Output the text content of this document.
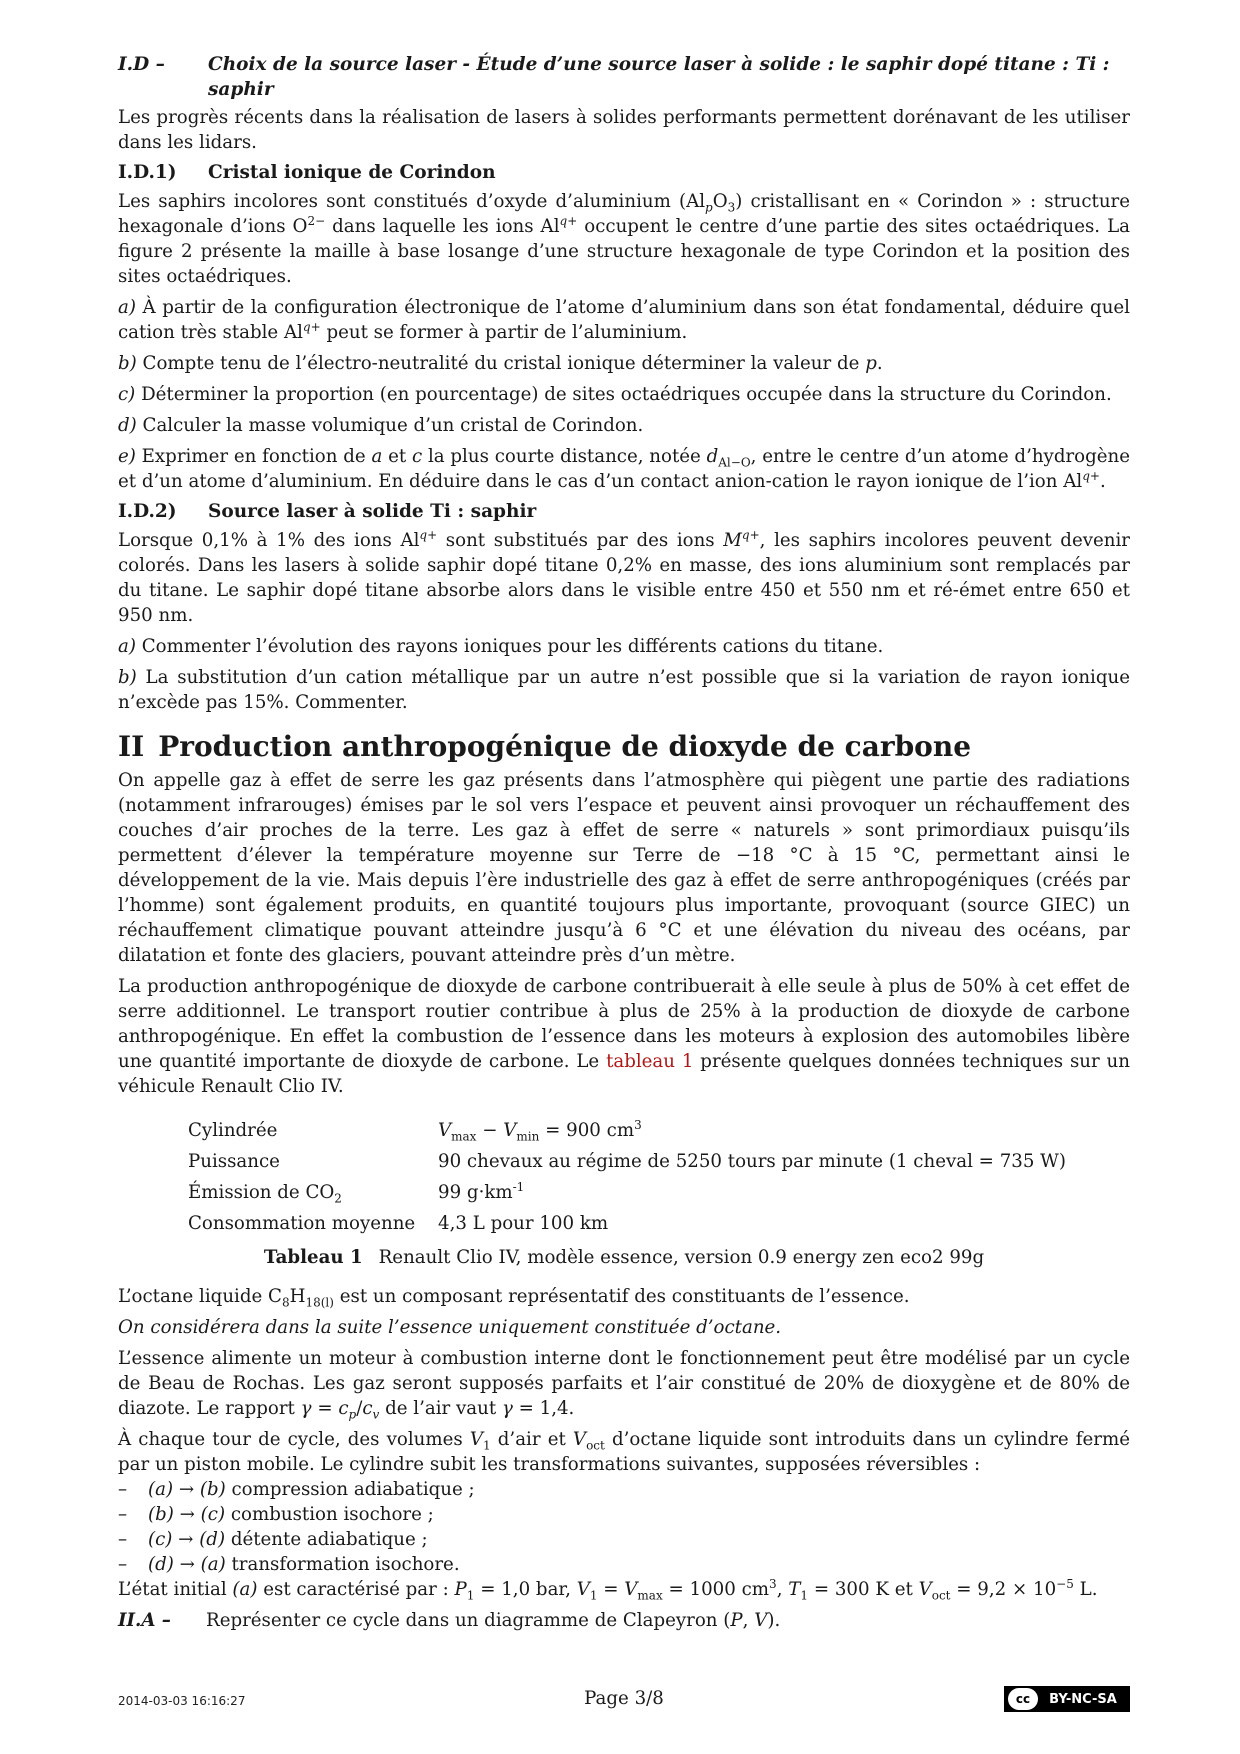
I.D –	Choix de la source laser - Étude d’une source laser à solide : le saphir dopé titane : Ti : saphir

Les progrès récents dans la réalisation de lasers à solides performants permettent dorénavant de les utiliser dans les lidars.

I.D.1)	Cristal ionique de Corindon

Les saphirs incolores sont constitués d’oxyde d’aluminium $(Al_pO_3)$ cristallisant en « Corindon » : structure hexagonale d’ions $O^{2-}$ dans laquelle les ions $Al^{q+}$ occupent le centre d’une partie des sites octaédriques. La figure 2 présente la maille à base losange d’une structure hexagonale de type Corindon et la position des sites octaédriques.

a) À partir de la configuration électronique de l’atome d’aluminium dans son état fondamental, déduire quel cation très stable $Al^{q+}$ peut se former à partir de l’aluminium.

b) Compte tenu de l’électro-neutralité du cristal ionique déterminer la valeur de p.

c) Déterminer la proportion (en pourcentage) de sites octaédriques occupée dans la structure du Corindon.

d) Calculer la masse volumique d’un cristal de Corindon.

e) Exprimer en fonction de a et c la plus courte distance, notée $d_{Al-O}$, entre le centre d’un atome d’hydrogène et d’un atome d’aluminium. En déduire dans le cas d’un contact anion-cation le rayon ionique de l’ion $Al^{q+}$.

I.D.2)	Source laser à solide Ti : saphir

Lorsque 0,1% à 1% des ions $Al^{q+}$ sont substitués par des ions $M^{q+}$, les saphirs incolores peuvent devenir colorés. Dans les lasers à solide saphir dopé titane 0,2% en masse, des ions aluminium sont remplacés par du titane. Le saphir dopé titane absorbe alors dans le visible entre 450 et 550 nm et ré-émet entre 650 et 950 nm.

a) Commenter l’évolution des rayons ioniques pour les différents cations du titane.

b) La substitution d’un cation métallique par un autre n’est possible que si la variation de rayon ionique n’excède pas 15%. Commenter.

II Production anthropogénique de dioxyde de carbone

On appelle gaz à effet de serre les gaz présents dans l’atmosphère qui piègent une partie des radiations (notamment infrarouges) émises par le sol vers l’espace et peuvent ainsi provoquer un réchauffement des couches d’air proches de la terre. Les gaz à effet de serre « naturels » sont primordiaux puisqu’ils permettent d’élever la température moyenne sur Terre de −18 °C à 15 °C, permettant ainsi le développement de la vie. Mais depuis l’ère industrielle des gaz à effet de serre anthropogéniques (créés par l’homme) sont également produits, en quantité toujours plus importante, provoquant (source GIEC) un réchauffement climatique pouvant atteindre jusqu’à 6 °C et une élévation du niveau des océans, par dilatation et fonte des glaciers, pouvant atteindre près d’un mètre.

La production anthropogénique de dioxyde de carbone contribuerait à elle seule à plus de 50% à cet effet de serre additionnel. Le transport routier contribue à plus de 25% à la production de dioxyde de carbone anthropogénique. En effet la combustion de l’essence dans les moteurs à explosion des automobiles libère une quantité importante de dioxyde de carbone. Le tableau 1 présente quelques données techniques sur un véhicule Renault Clio IV.

Cylindrée	$V_{max} - V_{min} = 900$ $cm^3$
Puissance	90 chevaux au régime de 5250 tours par minute (1 cheval = 735 W)
Émission de $CO_2$	99 $g\cdot km^{-1}$
Consommation moyenne	4,3 L pour 100 km
Tableau 1 Renault Clio IV, modèle essence, version 0.9 energy zen eco2 99g

L’octane liquide $C_8H_{18(l)}$ est un composant représentatif des constituants de l’essence.

On considérera dans la suite l’essence uniquement constituée d’octane.

L’essence alimente un moteur à combustion interne dont le fonctionnement peut être modélisé par un cycle de Beau de Rochas. Les gaz seront supposés parfaits et l’air constitué de 20% de dioxygène et de 80% de diazote. Le rapport $\gamma = c_p/c_v$ de l’air vaut γ = 1,4.

À chaque tour de cycle, des volumes $V_1$ d’air et $V_{oct}$ d’octane liquide sont introduits dans un cylindre fermé par un piston mobile. Le cylindre subit les transformations suivantes, supposées réversibles :

– (a) → (b) compression adiabatique ;
– (b) → (c) combustion isochore ;
– (c) → (d) détente adiabatique ;
– (d) → (a) transformation isochore.

L’état initial (a) est caractérisé par : $P_1 = 1,0$ bar, $V_1 = V_{max} = 1000$ $cm^3$, $T_1 = 300$ K et $V_{oct} = 9,2 \times 10^{-5}$ L.

II.A –	Représenter ce cycle dans un diagramme de Clapeyron (P, V).
2014-03-03 16:16:27	Page 3/8	cc	BY-NC-SA
